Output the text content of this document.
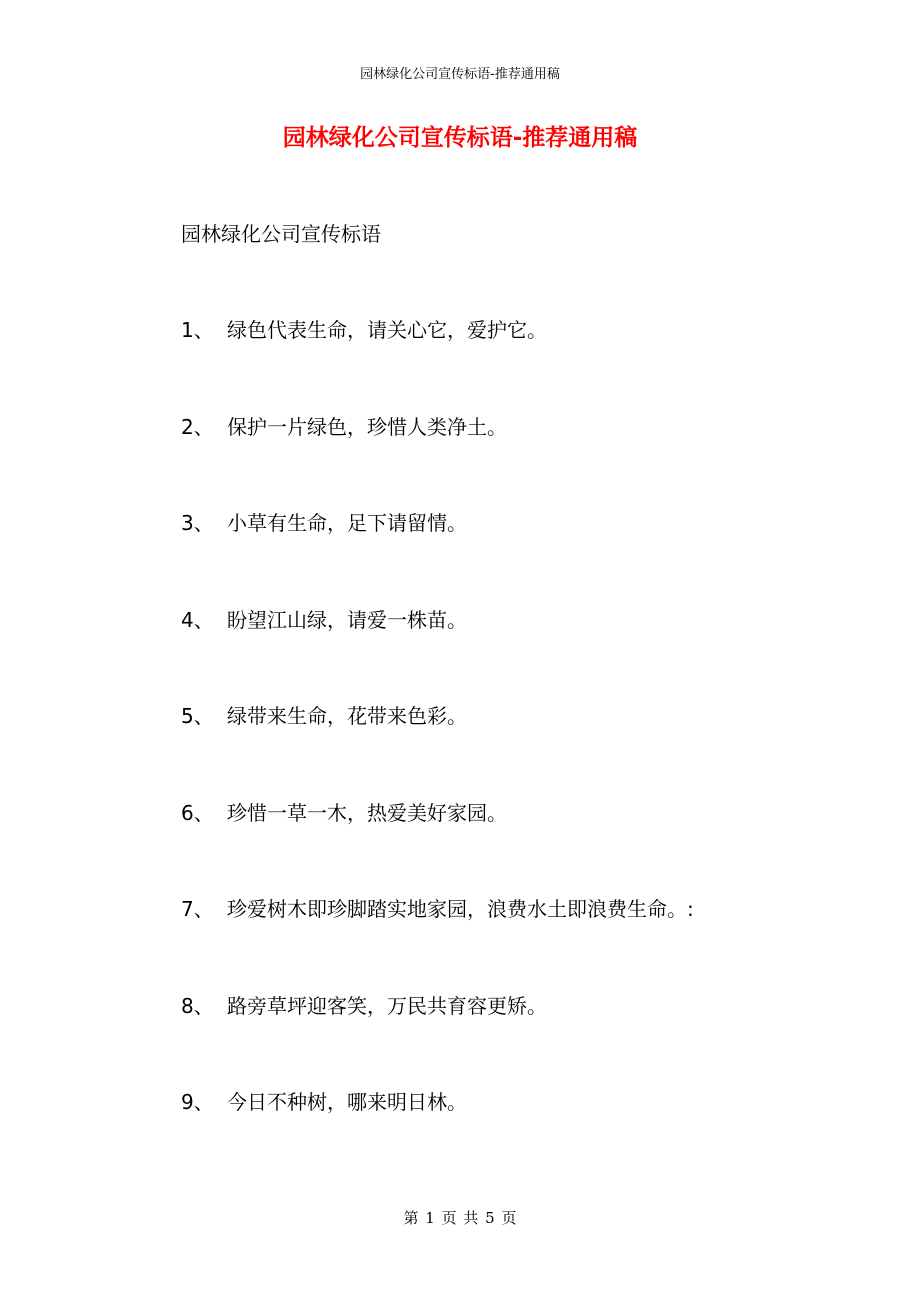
园林绿化公司宣传标语-推荐通用稿
园林绿化公司宣传标语-推荐通用稿
园林绿化公司宣传标语
1、 绿色代表生命，请关心它，爱护它。
2、 保护一片绿色，珍惜人类净土。
3、 小草有生命，足下请留情。
4、 盼望江山绿，请爱一株苗。
5、 绿带来生命，花带来色彩。
6、 珍惜一草一木，热爱美好家园。
7、 珍爱树木即珍脚踏实地家园，浪费水土即浪费生命。:
8、 路旁草坪迎客笑，万民共育容更矫。
9、 今日不种树，哪来明日林。
第 1 页 共 5 页
